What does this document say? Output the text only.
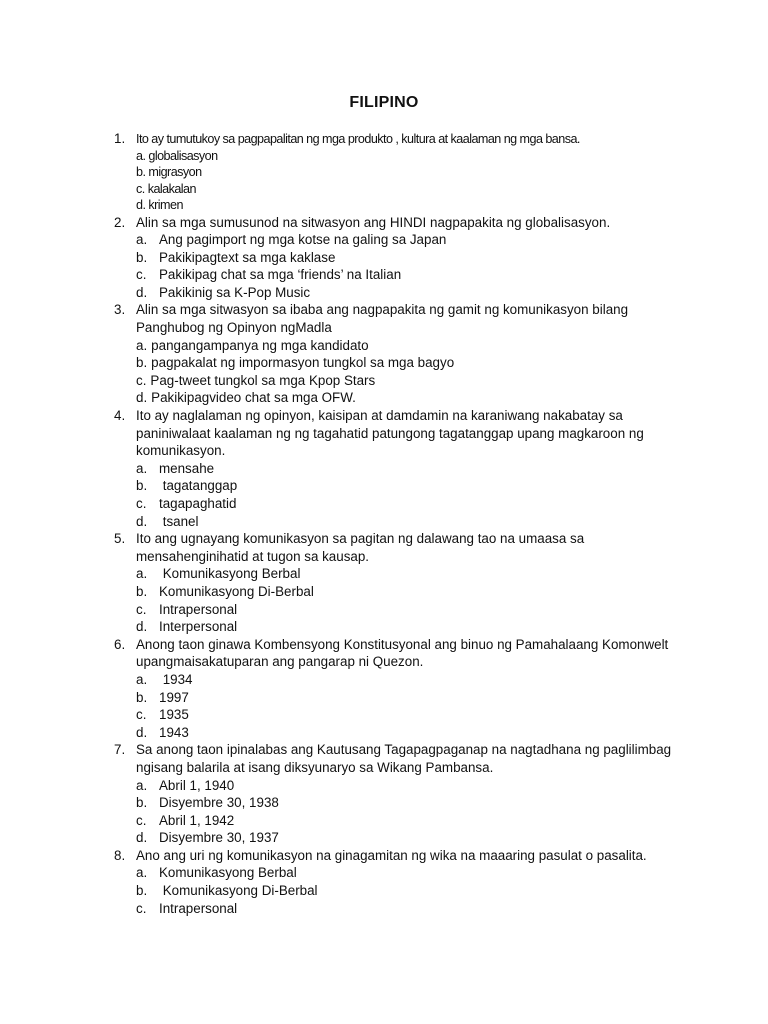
FILIPINO
1. Ito ay tumutukoy sa pagpapalitan ng mga produkto , kultura at kaalaman ng mga bansa.
a. globalisasyon
b. migrasyon
c. kalakalan
d. krimen
2. Alin sa mga sumusunod na sitwasyon ang HINDI nagpapakita ng globalisasyon.
a. Ang pagimport ng mga kotse na galing sa Japan
b. Pakikipagtext sa mga kaklase
c. Pakikipag chat sa mga ‘friends’ na Italian
d. Pakikinig sa K-Pop Music
3. Alin sa mga sitwasyon sa ibaba ang nagpapakita ng gamit ng komunikasyon bilang Panghubog ng Opinyon ngMadla
a. pangangampanya ng mga kandidato
b. pagpakalat ng impormasyon tungkol sa mga bagyo
c. Pag-tweet tungkol sa mga Kpop Stars
d. Pakikipagvideo chat sa mga OFW.
4. Ito ay naglalaman ng opinyon, kaisipan at damdamin na karaniwang nakabatay sa paniniwalaat kaalaman ng ng tagahatid patungong tagatanggap upang magkaroon ng komunikasyon.
a. mensahe
b. tagatanggap
c. tagapaghatid
d. tsanel
5. Ito ang ugnayang komunikasyon sa pagitan ng dalawang tao na umaasa sa mensahenginihatid at tugon sa kausap.
a. Komunikasyong Berbal
b. Komunikasyong Di-Berbal
c. Intrapersonal
d. Interpersonal
6. Anong taon ginawa Kombensyong Konstitusyonal ang binuo ng Pamahalaang Komonwelt upangmaisakatuparan ang pangarap ni Quezon.
a. 1934
b. 1997
c. 1935
d. 1943
7. Sa anong taon ipinalabas ang Kautusang Tagapagpaganap na nagtadhana ng paglilimbag ngisang balarila at isang diksyunaryo sa Wikang Pambansa.
a. Abril 1, 1940
b. Disyembre 30, 1938
c. Abril 1, 1942
d. Disyembre 30, 1937
8. Ano ang uri ng komunikasyon na ginagamitan ng wika na maaaring pasulat o pasalita.
a. Komunikasyong Berbal
b. Komunikasyong Di-Berbal
c. Intrapersonal
